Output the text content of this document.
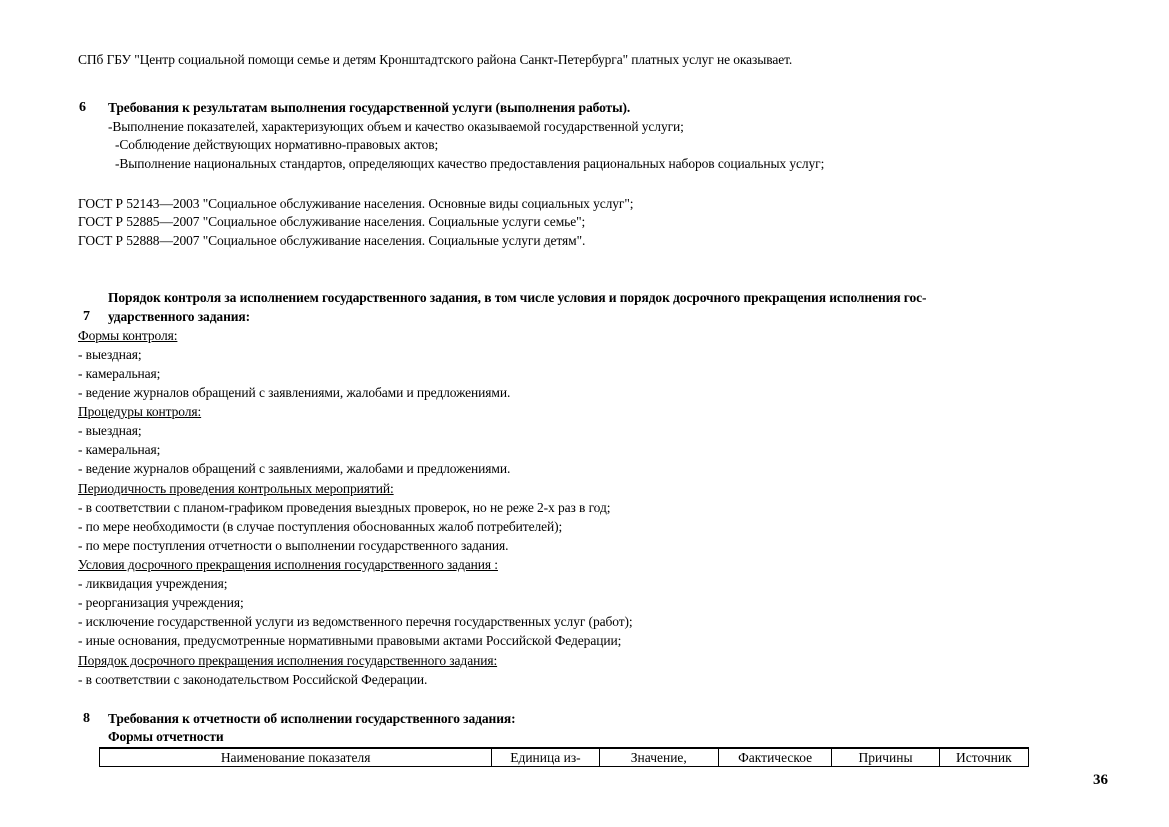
СПб ГБУ "Центр социальной помощи семье и детям Кронштадтского района Санкт-Петербурга" платных услуг не оказывает.
6 Требования к результатам выполнения государственной услуги (выполнения работы).
-Выполнение показателей, характеризующих объем и качество оказываемой государственной услуги;
-Соблюдение действующих нормативно-правовых актов;
-Выполнение национальных стандартов, определяющих качество предоставления рациональных наборов социальных услуг;
ГОСТ Р 52143—2003 "Социальное обслуживание населения. Основные виды социальных услуг";
ГОСТ Р 52885—2007 "Социальное обслуживание населения. Социальные услуги семье";
ГОСТ Р 52888—2007 "Социальное обслуживание населения. Социальные услуги детям".
Порядок контроля за исполнением государственного задания, в том числе условия и порядок досрочного прекращения исполнения гос-
7 ударственного задания:
Формы контроля:
- выездная;
- камеральная;
- ведение журналов обращений с заявлениями, жалобами и предложениями.
Процедуры контроля:
- выездная;
- камеральная;
- ведение журналов обращений с заявлениями, жалобами и предложениями.
Периодичность проведения контрольных мероприятий:
- в соответствии с планом-графиком проведения выездных проверок, но не реже 2-х раз в год;
- по мере необходимости (в случае поступления обоснованных жалоб потребителей);
- по мере поступления отчетности о выполнении государственного задания.
Условия досрочного прекращения исполнения государственного задания :
- ликвидация учреждения;
- реорганизация учреждения;
- исключение государственной услуги из ведомственного перечня государственных услуг (работ);
- иные основания, предусмотренные нормативными правовыми актами Российской Федерации;
Порядок досрочного прекращения исполнения государственного задания:
- в соответствии с законодательством Российской Федерации.
8 Требования к отчетности об исполнении государственного задания:
Формы отчетности
Наименование показателя	Единица из-	Значение,	Фактическое	Причины	Источник
36
